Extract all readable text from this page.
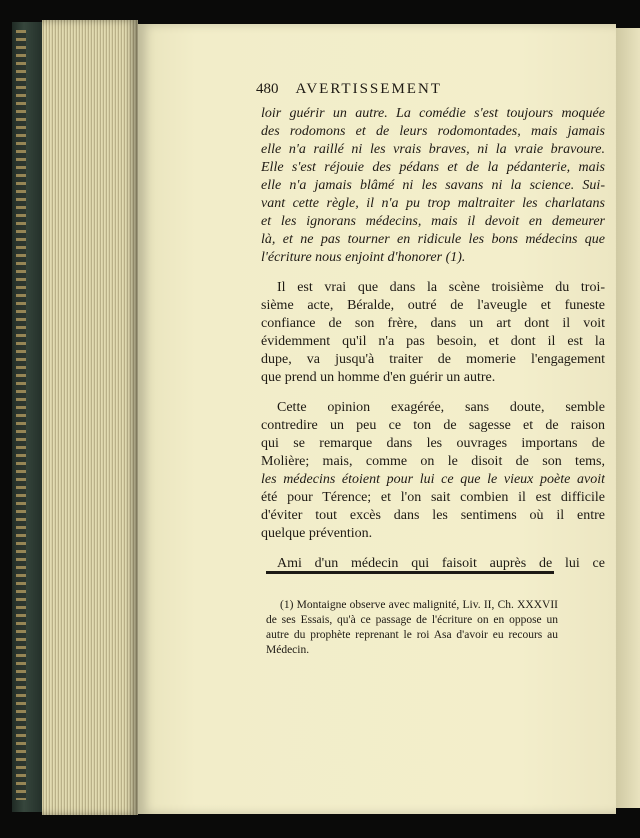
480 AVERTISSEMENT
loir guérir un autre. La comédie s'est toujours moquée
des rodomons et de leurs rodomontades, mais jamais
elle n'a raillé ni les vrais braves, ni la vraie bravoure.
Elle s'est réjouie des pédans et de la pédanterie, mais
elle n'a jamais blâmé ni les savans ni la science. Sui-
vant cette règle, il n'a pu trop maltraiter les charlatans
et les ignorans médecins, mais il devoit en demeurer
là, et ne pas tourner en ridicule les bons médecins que
l'écriture nous enjoint d'honorer (1).
Il est vrai que dans la scène troisième du troi-
sième acte, Béralde, outré de l'aveugle et funeste
confiance de son frère, dans un art dont il voit
évidemment qu'il n'a pas besoin, et dont il est la
dupe, va jusqu'à traiter de momerie l'engagement
que prend un homme d'en guérir un autre.
Cette opinion exagérée, sans doute, semble
contredire un peu ce ton de sagesse et de raison
qui se remarque dans les ouvrages importans de
Molière; mais, comme on le disoit de son tems,
les médecins étoient pour lui ce que le vieux poète avoit
été pour Térence; et l'on sait combien il est difficile
d'éviter tout excès dans les sentimens où il entre
quelque prévention.
Ami d'un médecin qui faisoit auprès de lui ce
(1) Montaigne observe avec malignité, Liv. II, Ch. XXXVII
de ses Essais, qu'à ce passage de l'écriture on en oppose un
autre du prophète reprenant le roi Asa d'avoir eu recours au
Médecin.
